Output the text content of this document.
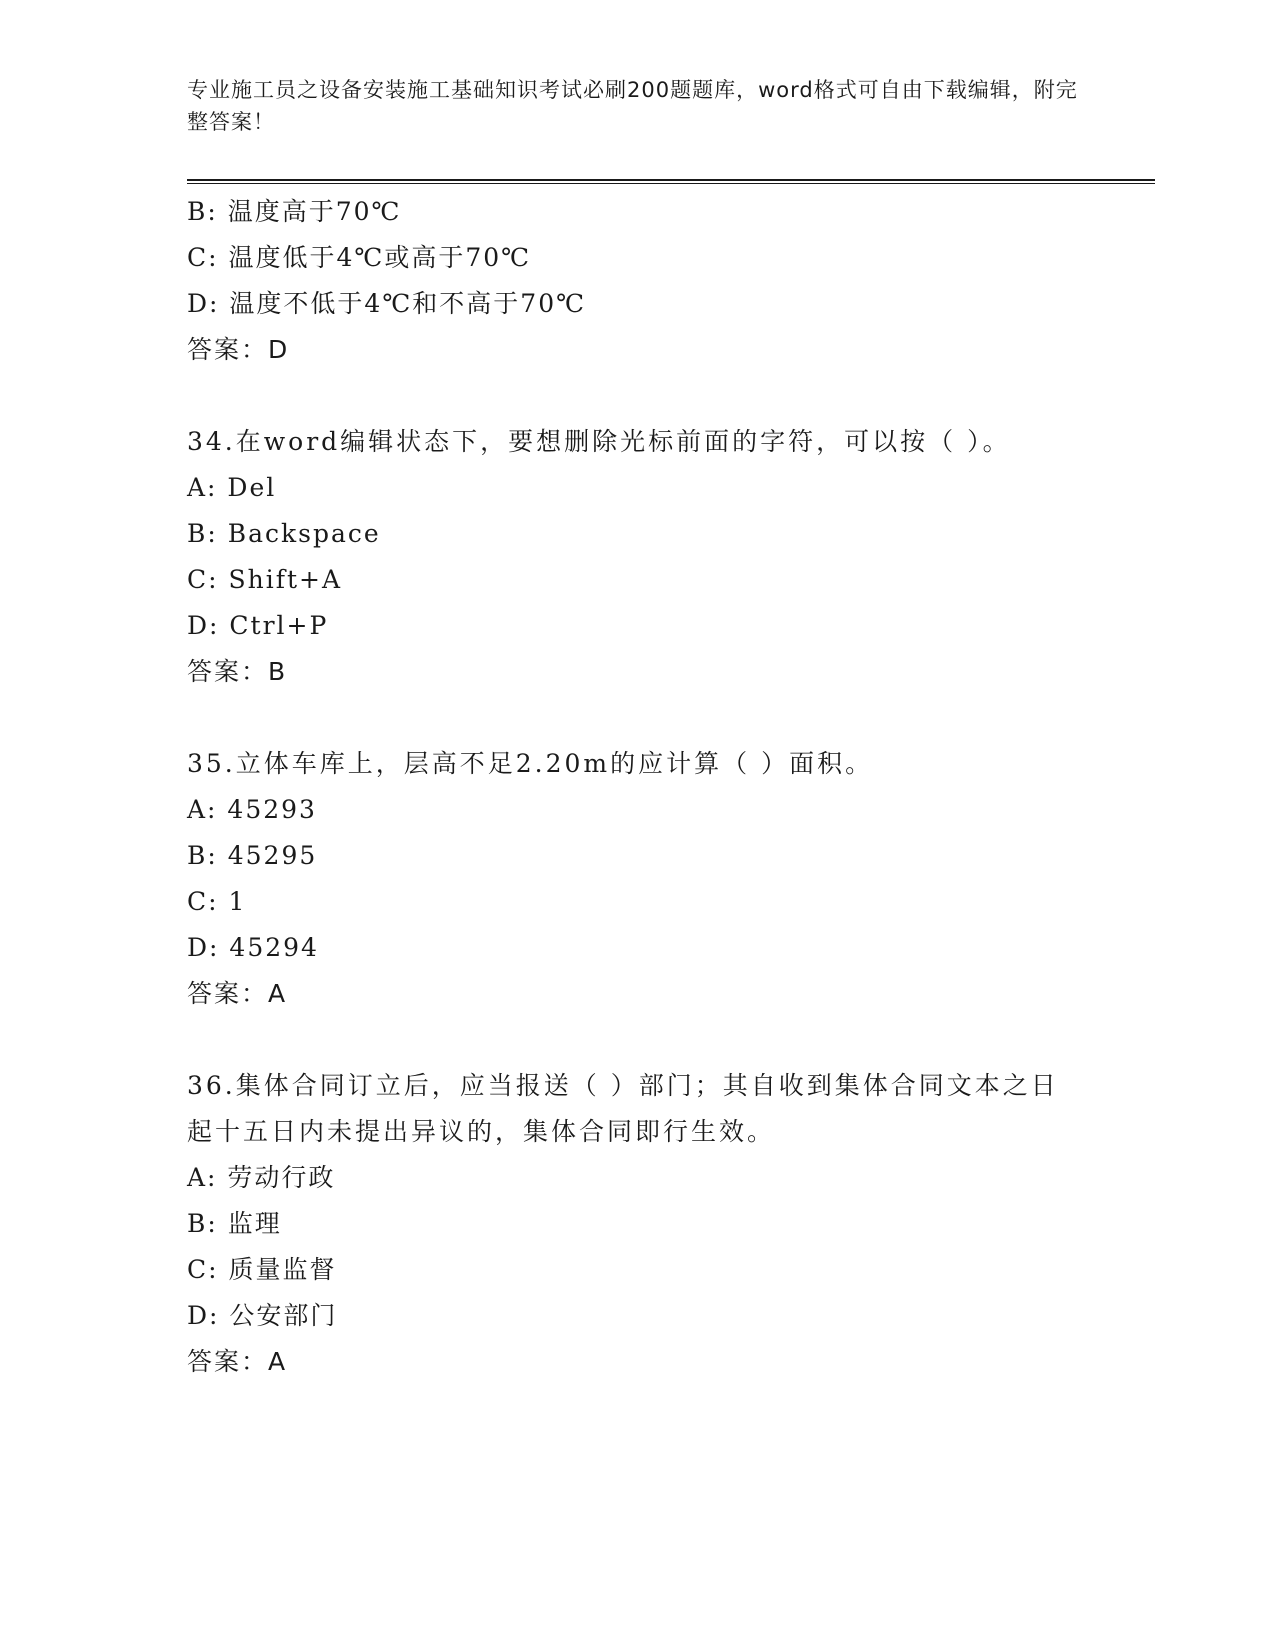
专业施工员之设备安装施工基础知识考试必刷200题题库，word格式可自由下载编辑，附完整答案！
B: 温度高于70℃
C: 温度低于4℃或高于70℃
D: 温度不低于4℃和不高于70℃
答案：D
34.在word编辑状态下，要想删除光标前面的字符，可以按（ ）。
A: Del
B: Backspace
C: Shift+A
D: Ctrl+P
答案：B
35.立体车库上，层高不足2.20m的应计算（ ）面积。
A: 45293
B: 45295
C: 1
D: 45294
答案：A
36.集体合同订立后，应当报送（ ）部门；其自收到集体合同文本之日起十五日内未提出异议的，集体合同即行生效。
A: 劳动行政
B: 监理
C: 质量监督
D: 公安部门
答案：A
